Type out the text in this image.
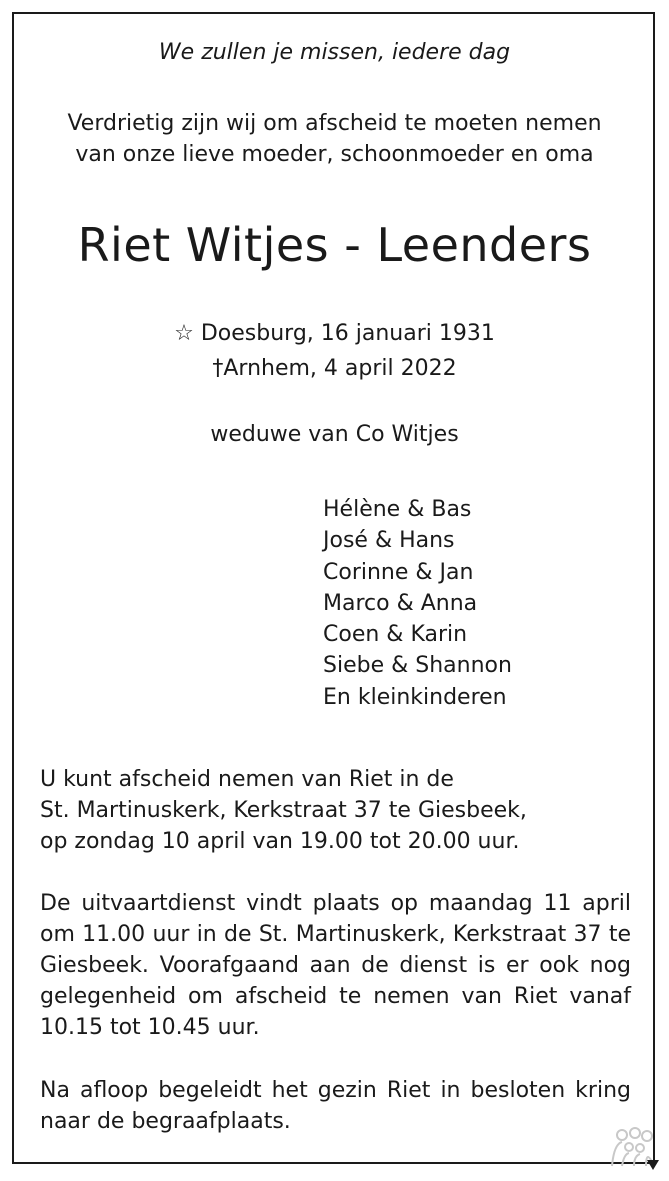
We zullen je missen, iedere dag
Verdrietig zijn wij om afscheid te moeten nemen
van onze lieve moeder, schoonmoeder en oma
Riet Witjes - Leenders
☆ Doesburg, 16 januari 1931
†Arnhem, 4 april 2022
weduwe van Co Witjes
Hélène & Bas
José & Hans
Corinne & Jan
Marco & Anna
Coen & Karin
Siebe & Shannon
En kleinkinderen
U kunt afscheid nemen van Riet in de
St. Martinuskerk, Kerkstraat 37 te Giesbeek,
op zondag 10 april van 19.00 tot 20.00 uur.
De uitvaartdienst vindt plaats op maandag 11 april om 11.00 uur in de St. Martinuskerk, Kerkstraat 37 te Giesbeek. Voorafgaand aan de dienst is er ook nog gelegenheid om afscheid te nemen van Riet vanaf 10.15 tot 10.45 uur.
Na afloop begeleidt het gezin Riet in besloten kring naar de begraafplaats.
